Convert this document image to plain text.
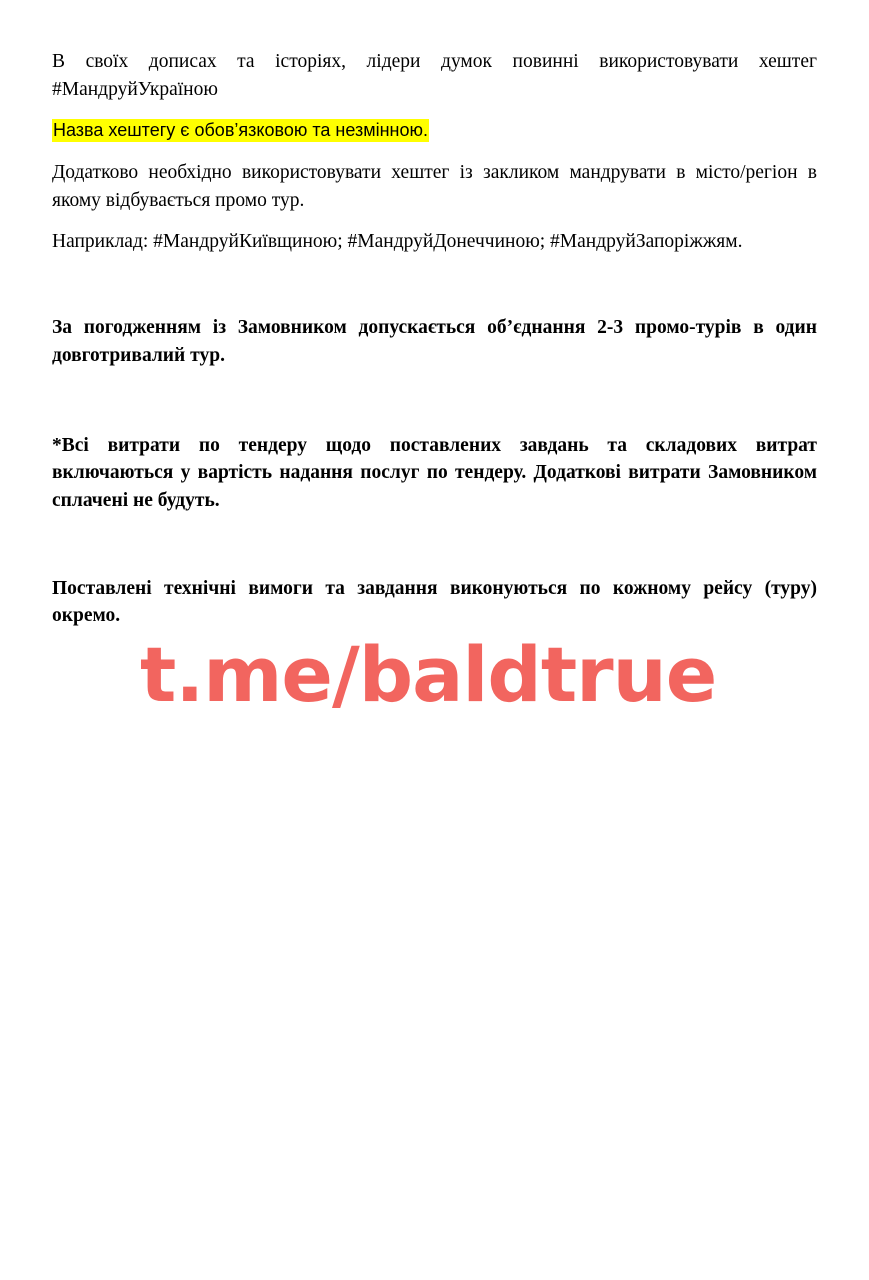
В своїх дописах та історіях, лідери думок повинні використовувати хештег #МандруйУкраїною

Назва хештегу є обов’язковою та незмінною.

Додатково необхідно використовувати хештег із закликом мандрувати в місто/регіон в якому відбувається промо тур.

Наприклад: #МандруйКиївщиною; #МандруйДонеччиною; #МандруйЗапоріжжям.

За погодженням із Замовником допускається об’єднання 2-3 промо-турів в один довготривалий тур.

*Всі витрати по тендеру щодо поставлених завдань та складових витрат включаються у вартість надання послуг по тендеру. Додаткові витрати Замовником сплачені не будуть.

Поставлені технічні вимоги та завдання виконуються по кожному рейсу (туру) окремо.

t.me/baldtrue
